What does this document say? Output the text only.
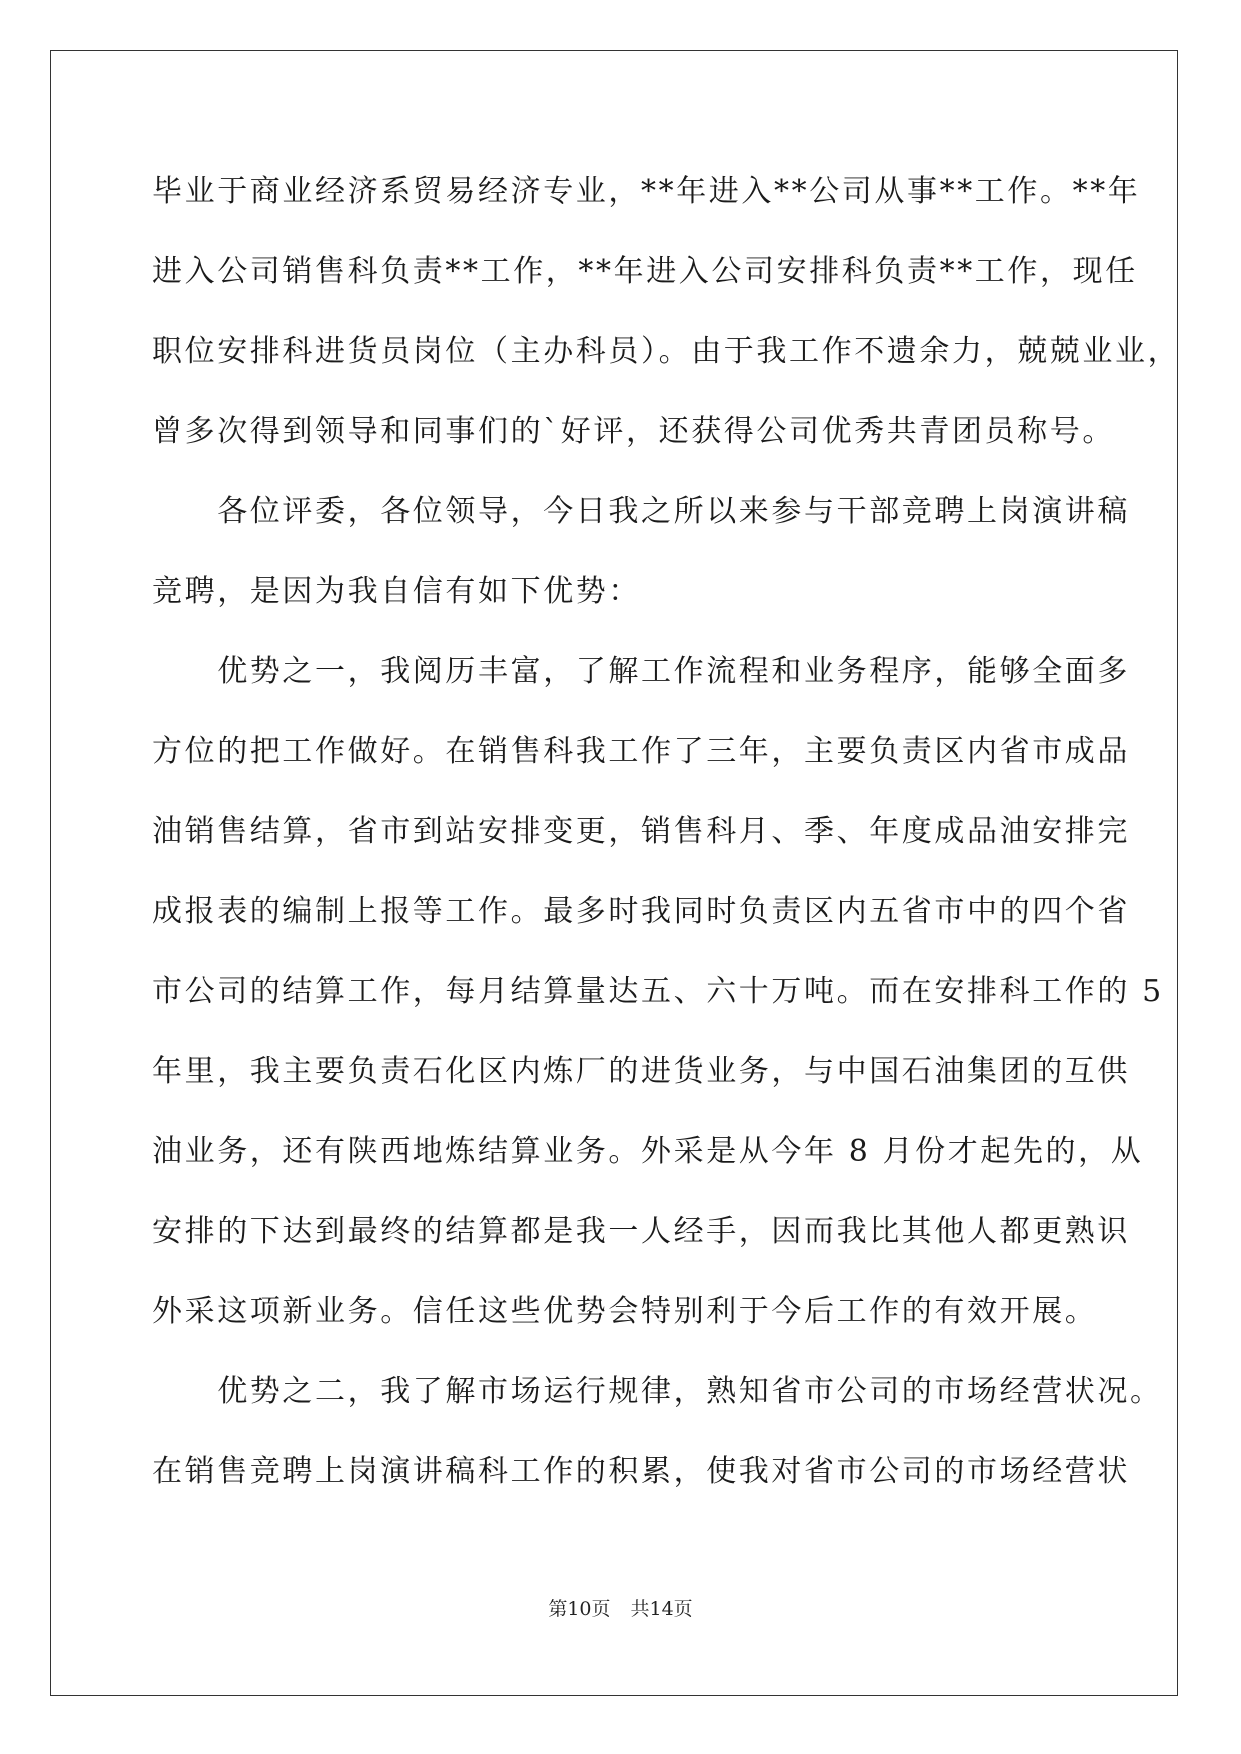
毕业于商业经济系贸易经济专业，**年进入**公司从事**工作。**年
进入公司销售科负责**工作，**年进入公司安排科负责**工作，现任
职位安排科进货员岗位（主办科员）。由于我工作不遗余力，兢兢业业，
曾多次得到领导和同事们的`好评，还获得公司优秀共青团员称号。
　　各位评委，各位领导，今日我之所以来参与干部竞聘上岗演讲稿
竞聘，是因为我自信有如下优势：
　　优势之一，我阅历丰富，了解工作流程和业务程序，能够全面多
方位的把工作做好。在销售科我工作了三年，主要负责区内省市成品
油销售结算，省市到站安排变更，销售科月、季、年度成品油安排完
成报表的编制上报等工作。最多时我同时负责区内五省市中的四个省
市公司的结算工作，每月结算量达五、六十万吨。而在安排科工作的 5
年里，我主要负责石化区内炼厂的进货业务，与中国石油集团的互供
油业务，还有陕西地炼结算业务。外采是从今年 8 月份才起先的，从
安排的下达到最终的结算都是我一人经手，因而我比其他人都更熟识
外采这项新业务。信任这些优势会特别利于今后工作的有效开展。
　　优势之二，我了解市场运行规律，熟知省市公司的市场经营状况。
在销售竞聘上岗演讲稿科工作的积累，使我对省市公司的市场经营状
第10页 共14页
